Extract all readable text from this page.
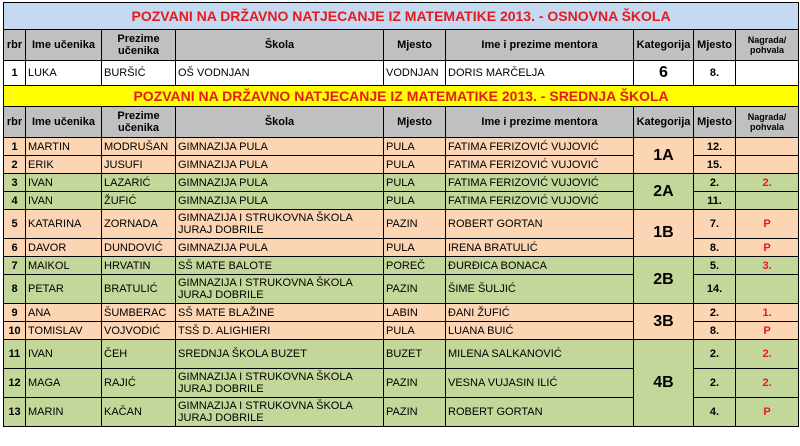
POZVANI NA DRŽAVNO NATJECANJE IZ MATEMATIKE 2013. - OSNOVNA ŠKOLA								
rbr	Ime učenika	Prezime učenika	Škola	Mjesto	Ime i prezime mentora	Kategorija	Mjesto	Nagrada/ pohvala
1	LUKA	BURŠIĆ	OŠ VODNJAN	VODNJAN	DORIS MARČELJA	6	8.	
POZVANI NA DRŽAVNO NATJECANJE IZ MATEMATIKE 2013. - SREDNJA ŠKOLA								
rbr	Ime učenika	Prezime učenika	Škola	Mjesto	Ime i prezime mentora	Kategorija	Mjesto	Nagrada/ pohvala
1	MARTIN	MODRUŠAN	GIMNAZIJA PULA	PULA	FATIMA FERIZOVIĆ VUJOVIĆ	1A	12.	
2	ERIK	JUSUFI	GIMNAZIJA PULA	PULA	FATIMA FERIZOVIĆ VUJOVIĆ		15.	
3	IVAN	LAZARIĆ	GIMNAZIJA PULA	PULA	FATIMA FERIZOVIĆ VUJOVIĆ	2A	2.	2.
4	IVAN	ŽUFIĆ	GIMNAZIJA PULA	PULA	FATIMA FERIZOVIĆ VUJOVIĆ		11.	
5	KATARINA	ZORNADA	GIMNAZIJA I STRUKOVNA ŠKOLA JURAJ DOBRILE	PAZIN	ROBERT GORTAN	1B	7.	P
6	DAVOR	DUNDOVIĆ	GIMNAZIJA PULA	PULA	IRENA BRATULIĆ		8.	P
7	MAIKOL	HRVATIN	SŠ MATE BALOTE	POREČ	ĐURĐICA BONACA	2B	5.	3.
8	PETAR	BRATULIĆ	GIMNAZIJA I STRUKOVNA ŠKOLA JURAJ DOBRILE	PAZIN	ŠIME ŠULJIĆ		14.	
9	ANA	ŠUMBERAC	SŠ MATE BLAŽINE	LABIN	ĐANI ŽUFIĆ	3B	2.	1.
10	TOMISLAV	VOJVODIĆ	TSŠ D. ALIGHIERI	PULA	LUANA BUIĆ		8.	P
11	IVAN	ČEH	SREDNJA ŠKOLA BUZET	BUZET	MILENA SALKANOVIĆ	4B	2.	2.
12	MAGA	RAJIĆ	GIMNAZIJA I STRUKOVNA ŠKOLA JURAJ DOBRILE	PAZIN	VESNA VUJASIN ILIĆ		2.	2.
13	MARIN	KAČAN	GIMNAZIJA I STRUKOVNA ŠKOLA JURAJ DOBRILE	PAZIN	ROBERT GORTAN		4.	P
